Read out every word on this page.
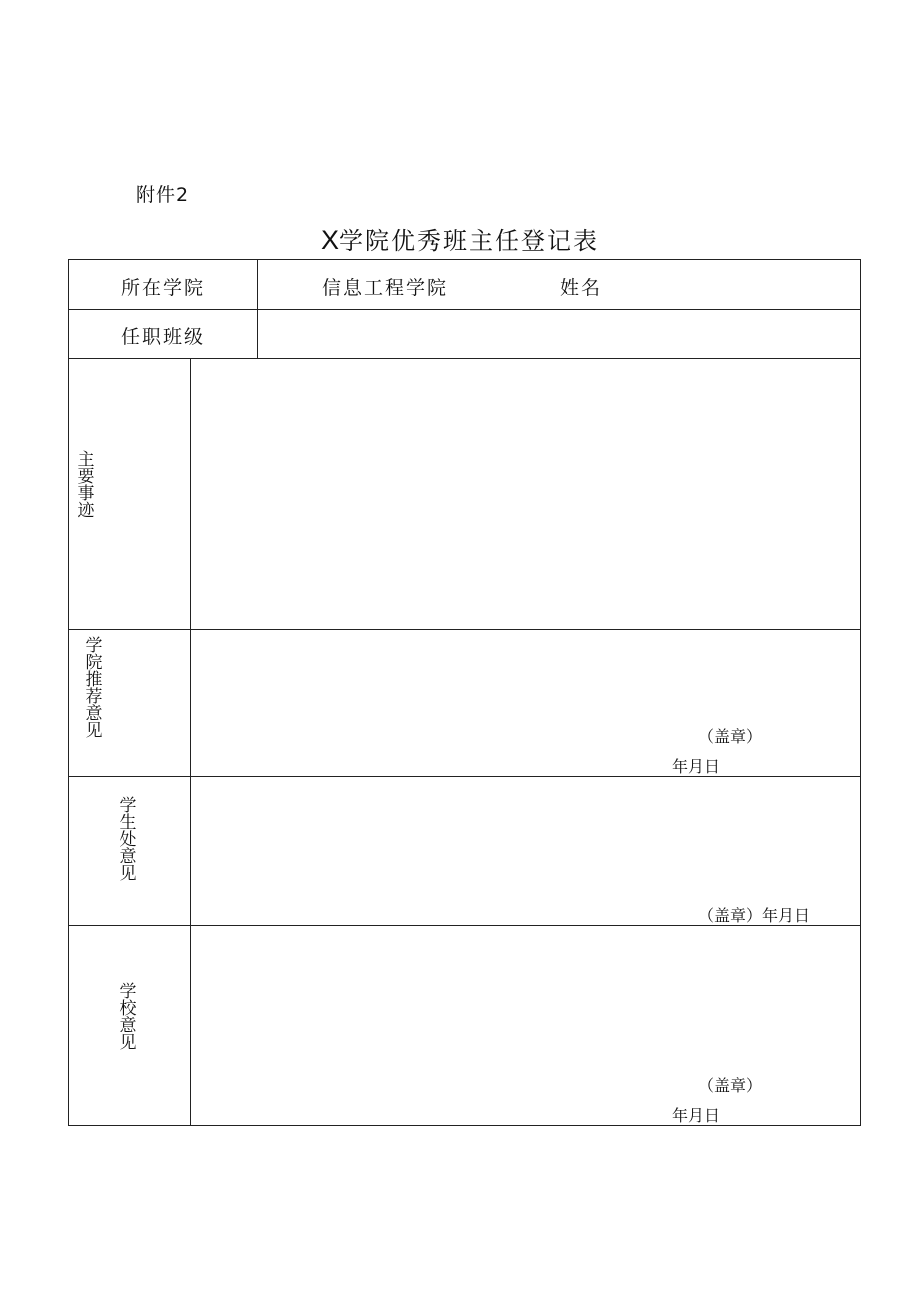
附件2
X学院优秀班主任登记表
所在学院	信息工程学院	姓名
任职班级
主要事迹
学院推荐意见	（盖章）
年月日
学生处意见
（盖章）年月日
学校意见
（盖章）
年月日
